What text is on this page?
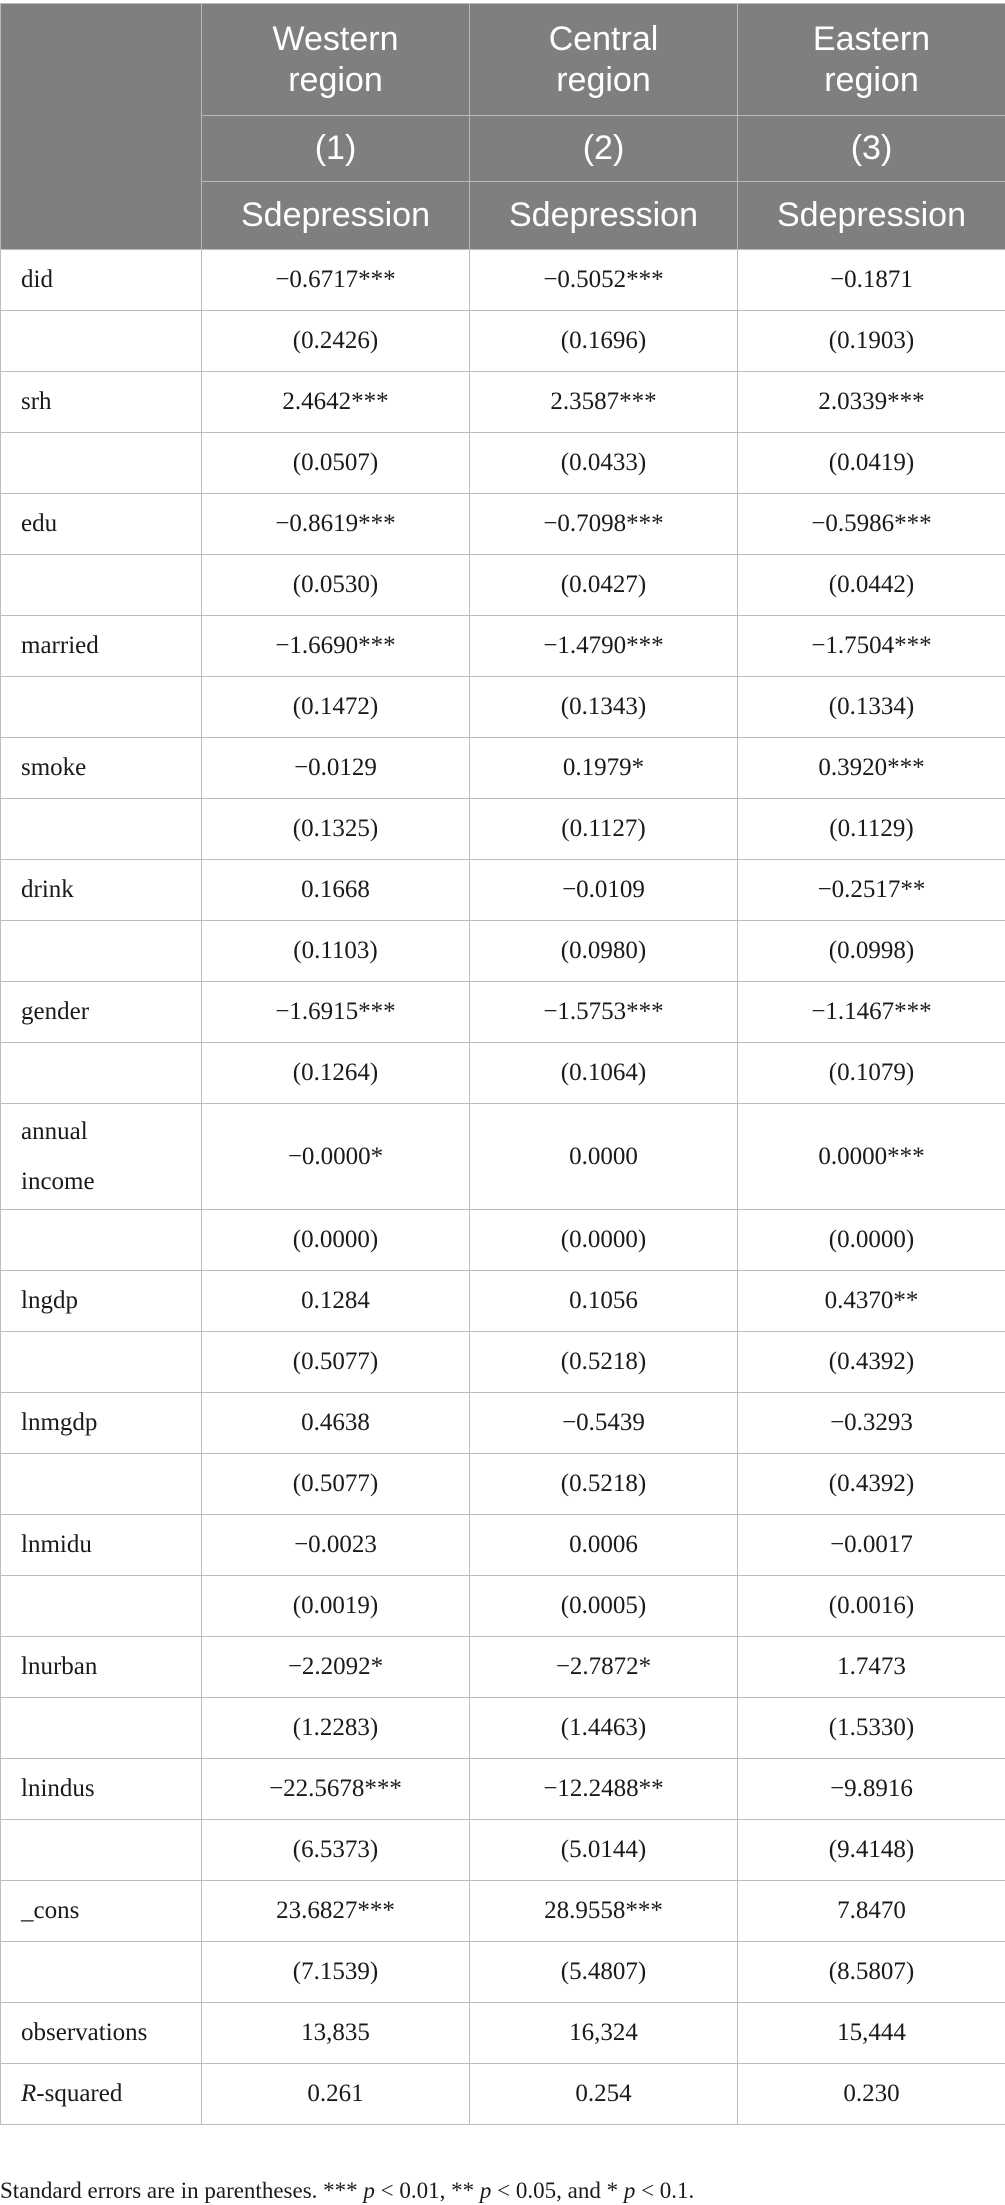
	Western region	Central region	Eastern region
	(1)	(2)	(3)
	Sdepression	Sdepression	Sdepression
did	−0.6717***	−0.5052***	−0.1871
	(0.2426)	(0.1696)	(0.1903)
srh	2.4642***	2.3587***	2.0339***
	(0.0507)	(0.0433)	(0.0419)
edu	−0.8619***	−0.7098***	−0.5986***
	(0.0530)	(0.0427)	(0.0442)
married	−1.6690***	−1.4790***	−1.7504***
	(0.1472)	(0.1343)	(0.1334)
smoke	−0.0129	0.1979*	0.3920***
	(0.1325)	(0.1127)	(0.1129)
drink	0.1668	−0.0109	−0.2517**
	(0.1103)	(0.0980)	(0.0998)
gender	−1.6915***	−1.5753***	−1.1467***
	(0.1264)	(0.1064)	(0.1079)
annual
income	−0.0000*	0.0000	0.0000***
	(0.0000)	(0.0000)	(0.0000)
lngdp	0.1284	0.1056	0.4370**
	(0.5077)	(0.5218)	(0.4392)
lnmgdp	0.4638	−0.5439	−0.3293
	(0.5077)	(0.5218)	(0.4392)
lnmidu	−0.0023	0.0006	−0.0017
	(0.0019)	(0.0005)	(0.0016)
lnurban	−2.2092*	−2.7872*	1.7473
	(1.2283)	(1.4463)	(1.5330)
lnindus	−22.5678***	−12.2488**	−9.8916
	(6.5373)	(5.0144)	(9.4148)
_cons	23.6827***	28.9558***	7.8470
	(7.1539)	(5.4807)	(8.5807)
observations	13,835	16,324	15,444
R-squared	0.261	0.254	0.230
Standard errors are in parentheses. *** p < 0.01, ** p < 0.05, and * p < 0.1.
